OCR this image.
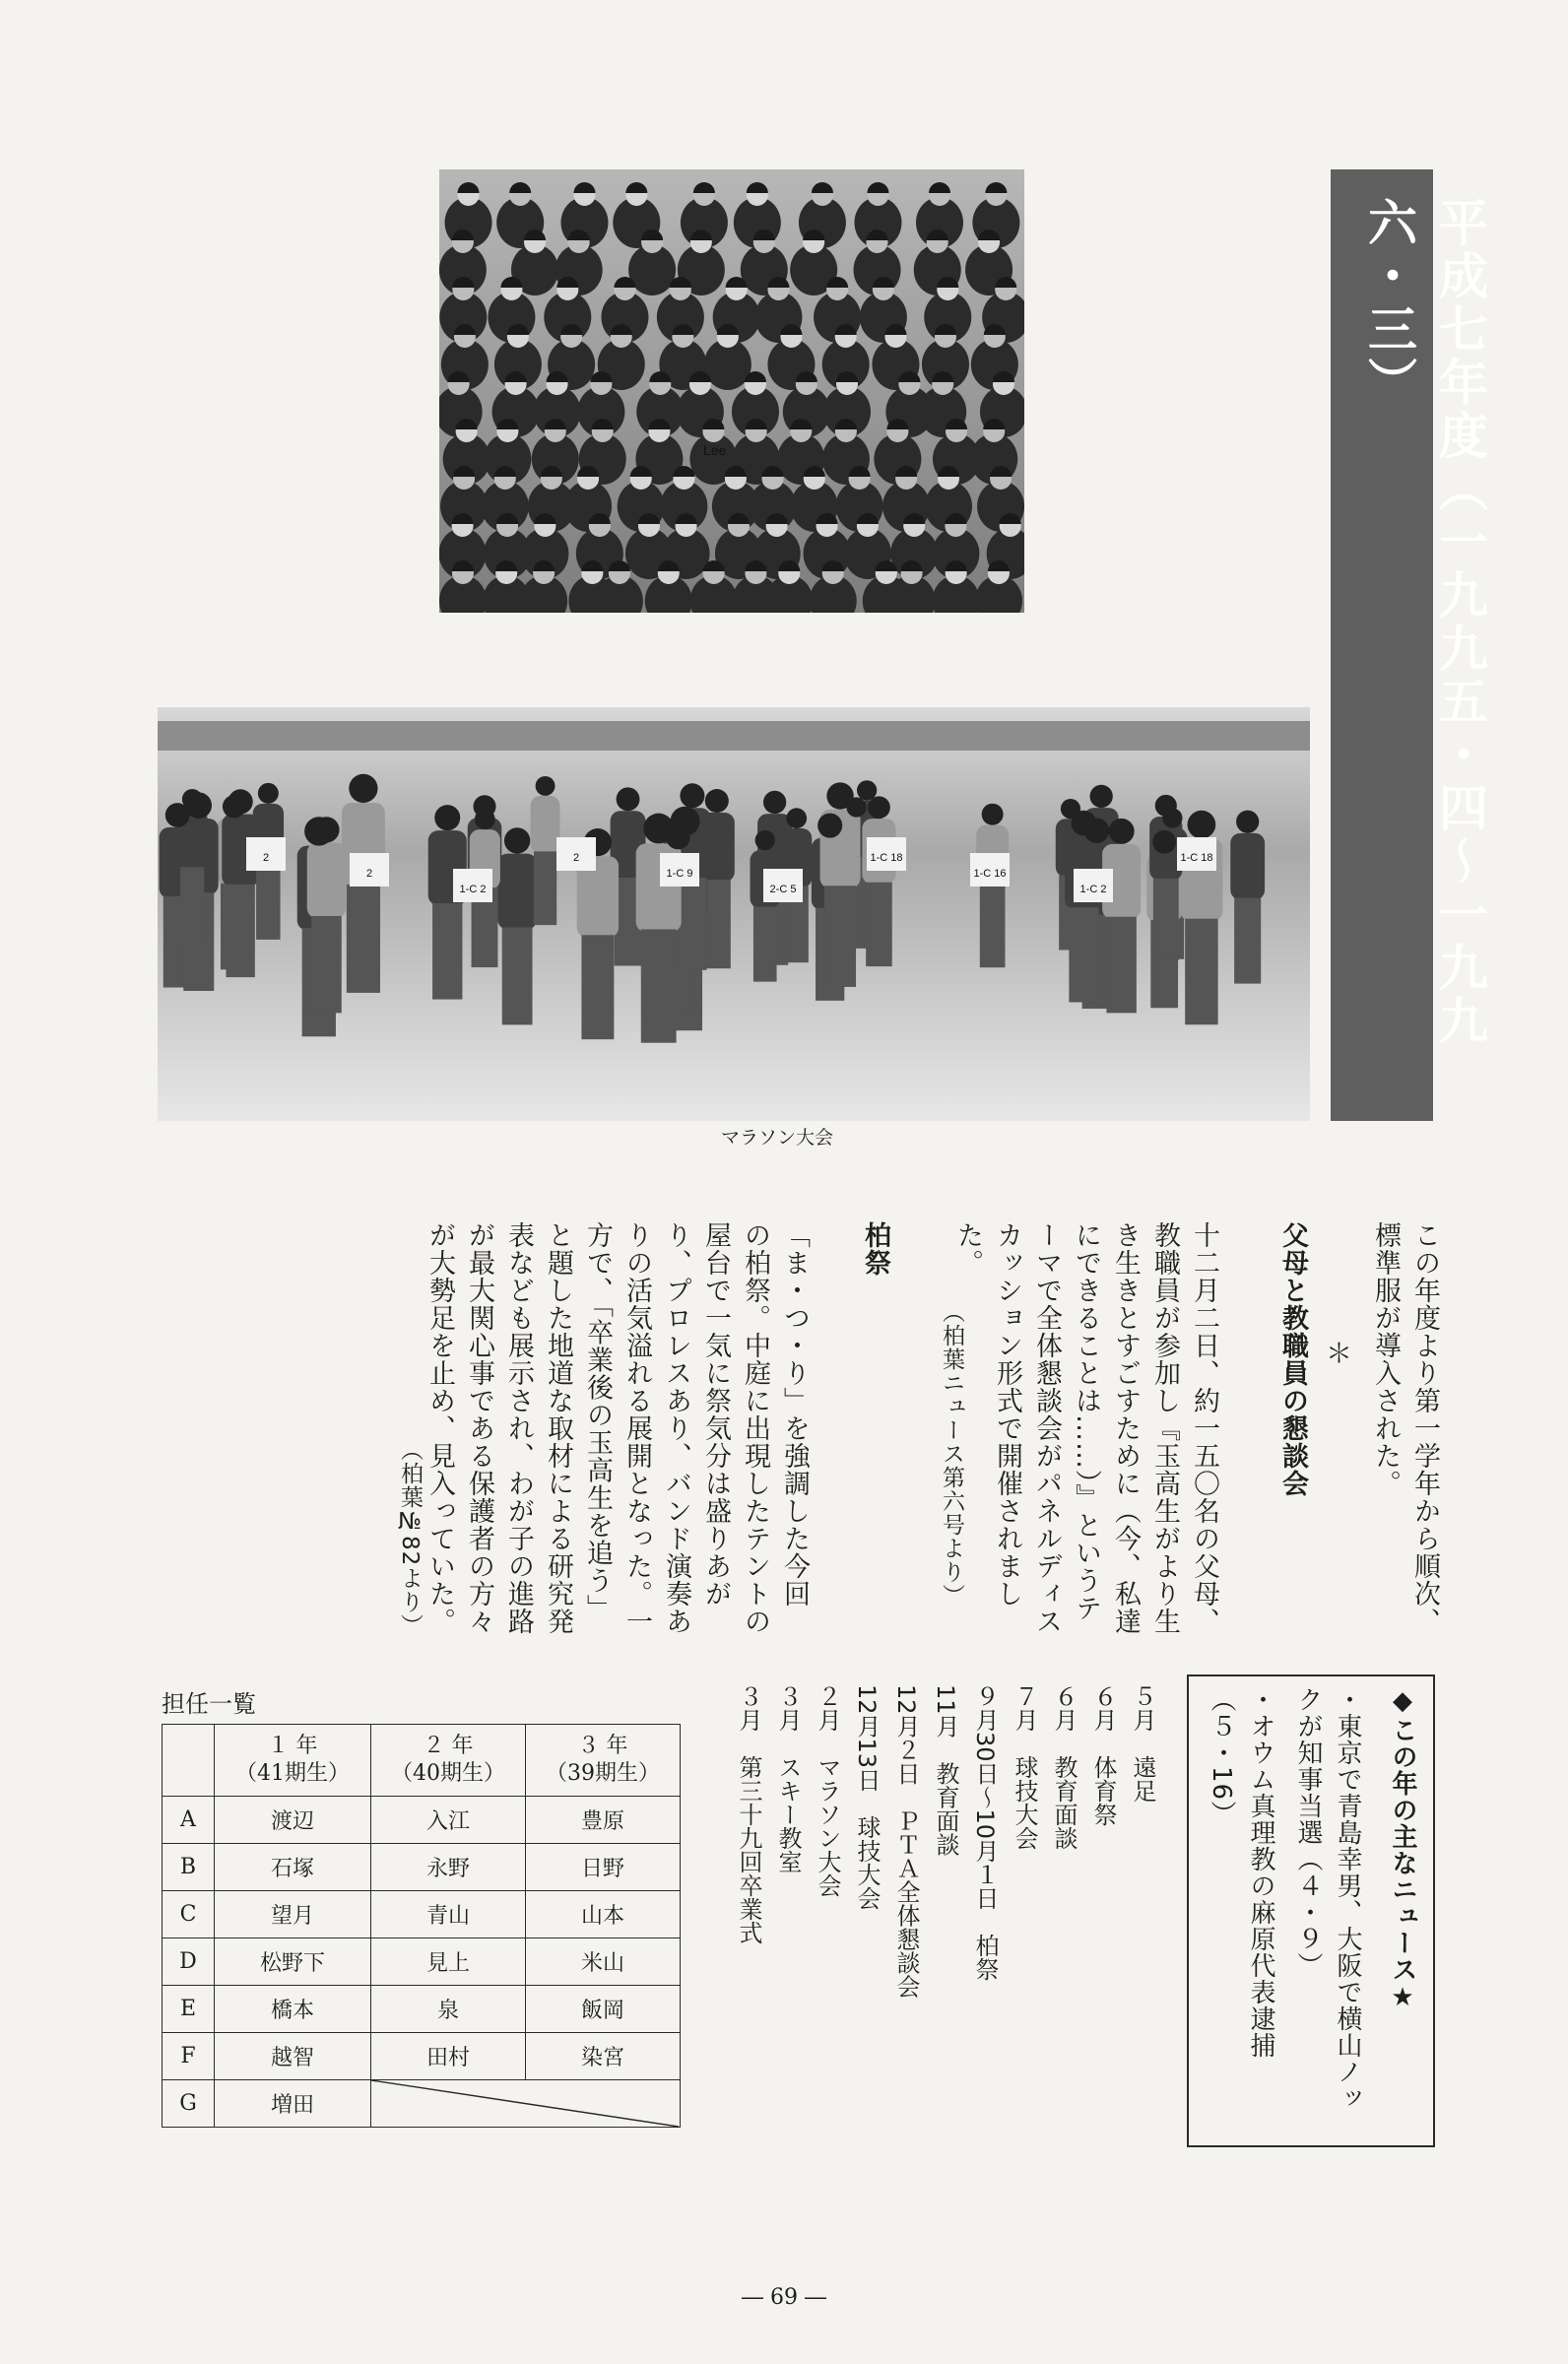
平成七年度（一九九五・四～一九九六・三）
Lee
2
2
1-C 2
2
1-C 9
2-C 5
1-C 18
1-C 16
1-C 2
1-C 18
マラソン大会
この年度より第一学年から順次、
標準服が導入された。
＊
父母と教職員の懇談会
十二月二日、約一五〇名の父母、
教職員が参加し『玉高生がより生
き生きとすごすために（今、私達
にできることは……）』というテ
ーマで全体懇談会がパネルディス
カッション形式で開催されまし
た。
（柏葉ニュース第六号より）
柏祭
「ま・つ・り」を強調した今回
の柏祭。中庭に出現したテントの
屋台で一気に祭気分は盛りあが
り、プロレスあり、バンド演奏あ
りの活気溢れる展開となった。一
方で、「卒業後の玉高生を追う」
と題した地道な取材による研究発
表なども展示され、わが子の進路
が最大関心事である保護者の方々
が大勢足を止め、見入っていた。
（柏葉№82より）
◆この年の主なニュース★
・東京で青島幸男、大阪で横山ノッ
クが知事当選（４・９）
・オウム真理教の麻原代表逮捕
（５・16）
５月　遠足
６月　体育祭
６月　教育面談
７月　球技大会
９月30日～10月１日　柏祭
11月　教育面談
12月２日　ＰＴＡ全体懇談会
12月13日　球技大会
２月　マラソン大会
３月　スキー教室
３月　第三十九回卒業式
担任一覧
	１ 年
（41期生）	２ 年
（40期生）	３ 年
（39期生）
A	渡辺	入江	豊原
B	石塚	永野	日野
C	望月	青山	山本
D	松野下	見上	米山
E	橋本	泉	飯岡
F	越智	田村	染宮
G	増田	
― 69 ―
